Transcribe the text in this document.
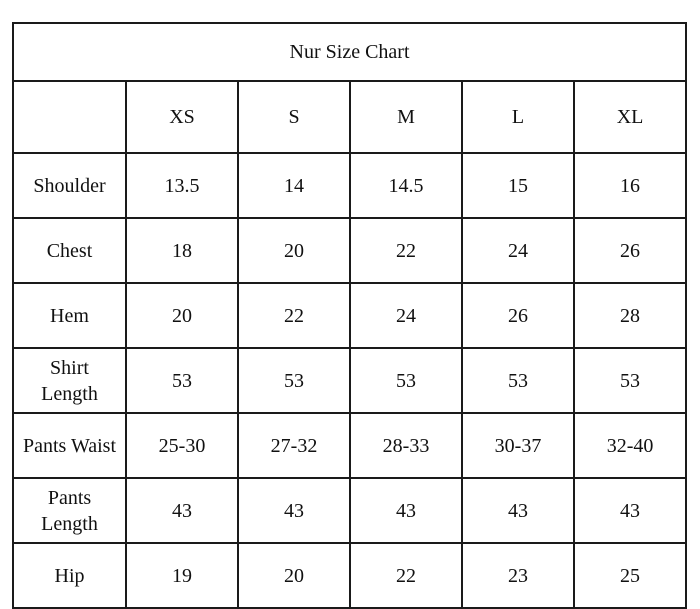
Nur Size Chart					
	XS	S	M	L	XL
Shoulder	13.5	14	14.5	15	16
Chest	18	20	22	24	26
Hem	20	22	24	26	28
Shirt Length	53	53	53	53	53
Pants Waist	25-30	27-32	28-33	30-37	32-40
Pants Length	43	43	43	43	43
Hip	19	20	22	23	25
